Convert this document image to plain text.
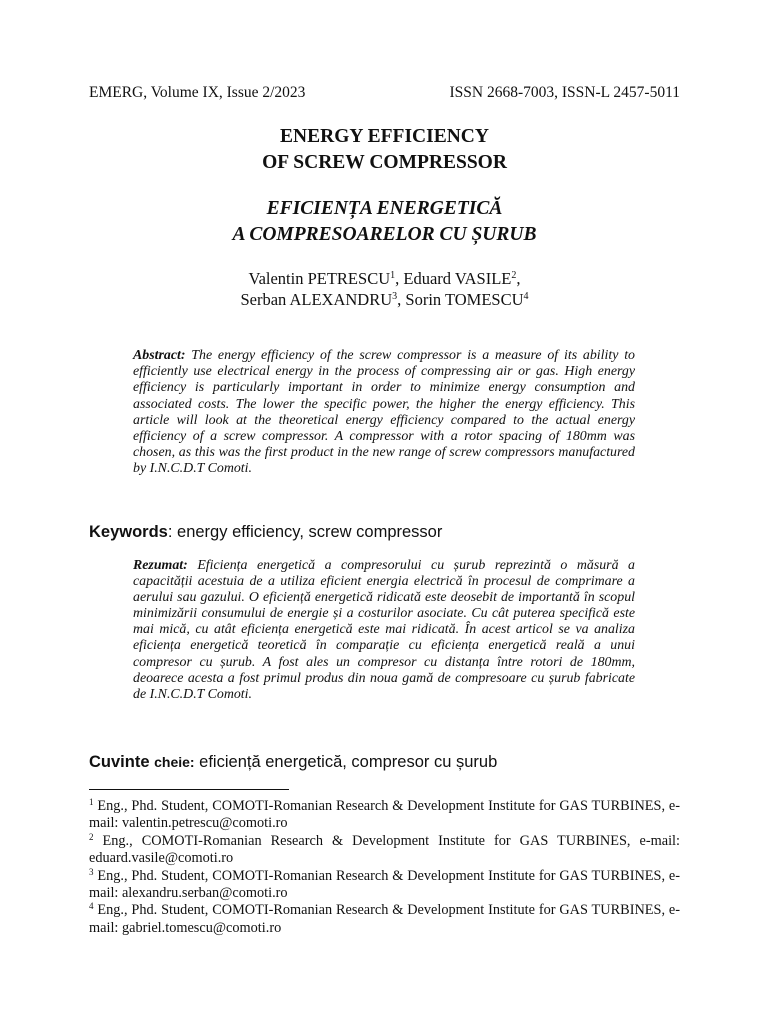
EMERG, Volume IX, Issue 2/2023	ISSN 2668-7003, ISSN-L 2457-5011
ENERGY EFFICIENCY
OF SCREW COMPRESSOR
EFICIENȚA ENERGETICĂ
A COMPRESOARELOR CU ȘURUB
Valentin PETRESCU$^1$, Eduard VASILE$^2$,
Serban ALEXANDRU$^3$, Sorin TOMESCU$^4$
Abstract: The energy efficiency of the screw compressor is a measure of its ability to efficiently use electrical energy in the process of compressing air or gas. High energy efficiency is particularly important in order to minimize energy consumption and associated costs. The lower the specific power, the higher the energy efficiency. This article will look at the theoretical energy efficiency compared to the actual energy efficiency of a screw compressor. A compressor with a rotor spacing of 180mm was chosen, as this was the first product in the new range of screw compressors manufactured by I.N.C.D.T Comoti.
Keywords: energy efficiency, screw compressor
Rezumat: Eficiența energetică a compresorului cu șurub reprezintă o măsură a capacității acestuia de a utiliza eficient energia electrică în procesul de comprimare a aerului sau gazului. O eficiență energetică ridicată este deosebit de importantă în scopul minimizării consumului de energie și a costurilor asociate. Cu cât puterea specifică este mai mică, cu atât eficiența energetică este mai ridicată. În acest articol se va analiza eficiența energetică teoretică în comparație cu eficiența energetică reală a unui compresor cu șurub. A fost ales un compresor cu distanța între rotori de 180mm, deoarece acesta a fost primul produs din noua gamă de compresoare cu șurub fabricate de I.N.C.D.T Comoti.
Cuvinte cheie: eficiență energetică, compresor cu șurub

$^1$ Eng., Phd. Student, COMOTI-Romanian Research & Development Institute for GAS TURBINES, e-mail: valentin.petrescu@comoti.ro

$^2$ Eng., COMOTI-Romanian Research & Development Institute for GAS TURBINES, e-mail: eduard.vasile@comoti.ro

$^3$ Eng., Phd. Student, COMOTI-Romanian Research & Development Institute for GAS TURBINES, e-mail: alexandru.serban@comoti.ro

$^4$ Eng., Phd. Student, COMOTI-Romanian Research & Development Institute for GAS TURBINES, e-mail: gabriel.tomescu@comoti.ro
